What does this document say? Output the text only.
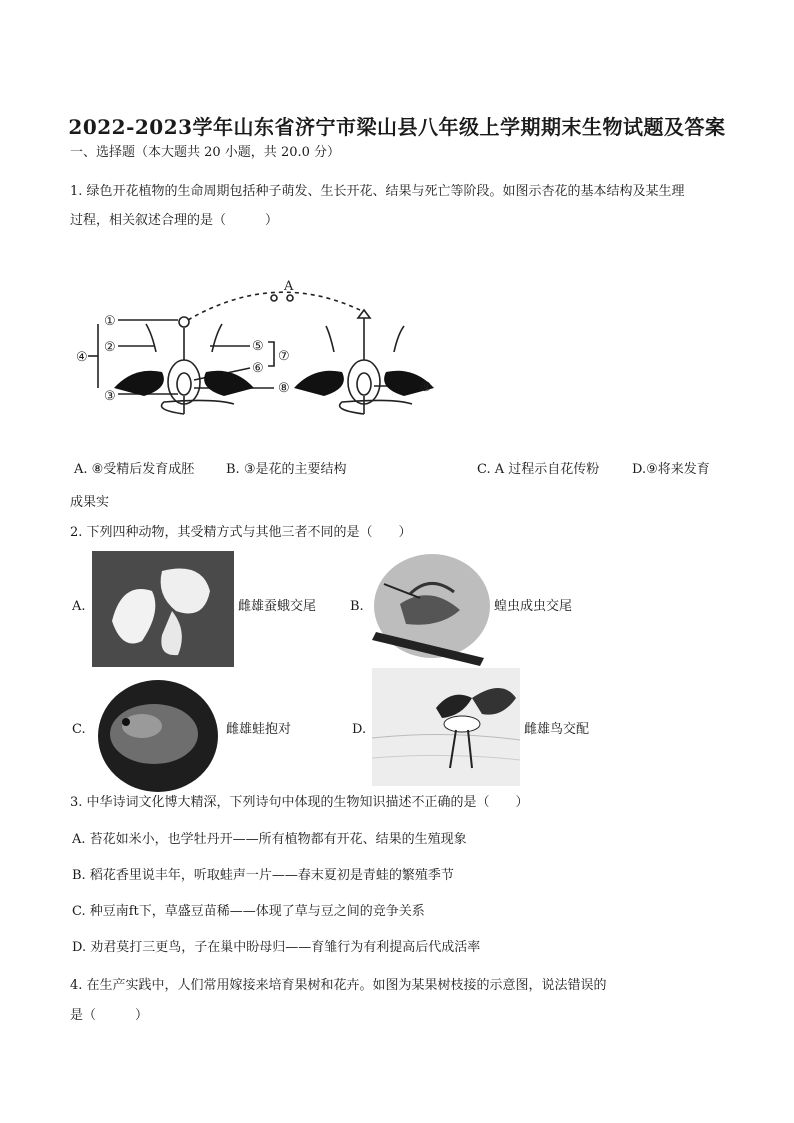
2022-2023学年山东省济宁市梁山县八年级上学期期末生物试题及答案
一、选择题（本大题共 20 小题，共 20.0 分）
1. 绿色开花植物的生命周期包括种子萌发、生长开花、结果与死亡等阶段。如图示杏花的基本结构及某生理
过程，相关叙述合理的是（　　　）
A
①
②
③
④
⑤
⑥
⑦
⑧	⑨
A. ⑧受精后发育成胚 B. ③是花的主要结构	C. A 过程示自花传粉	D.⑨将来发育
成果实
2. 下列四种动物，其受精方式与其他三者不同的是（　　）
A.	雌雄蚕蛾交尾	B.	蝗虫成虫交尾
C.	雌雄蛙抱对	D.	雌雄鸟交配
3. 中华诗词文化博大精深，下列诗句中体现的生物知识描述不正确的是（　　）
A. 苔花如米小，也学牡丹开——所有植物都有开花、结果的生殖现象
B. 稻花香里说丰年，听取蛙声一片——春末夏初是青蛙的繁殖季节
C. 种豆南ft下，草盛豆苗稀——体现了草与豆之间的竞争关系
D. 劝君莫打三更鸟，子在巢中盼母归——育雏行为有利提高后代成活率
4. 在生产实践中，人们常用嫁接来培育果树和花卉。如图为某果树枝接的示意图，说法错误的
是（　　　）
